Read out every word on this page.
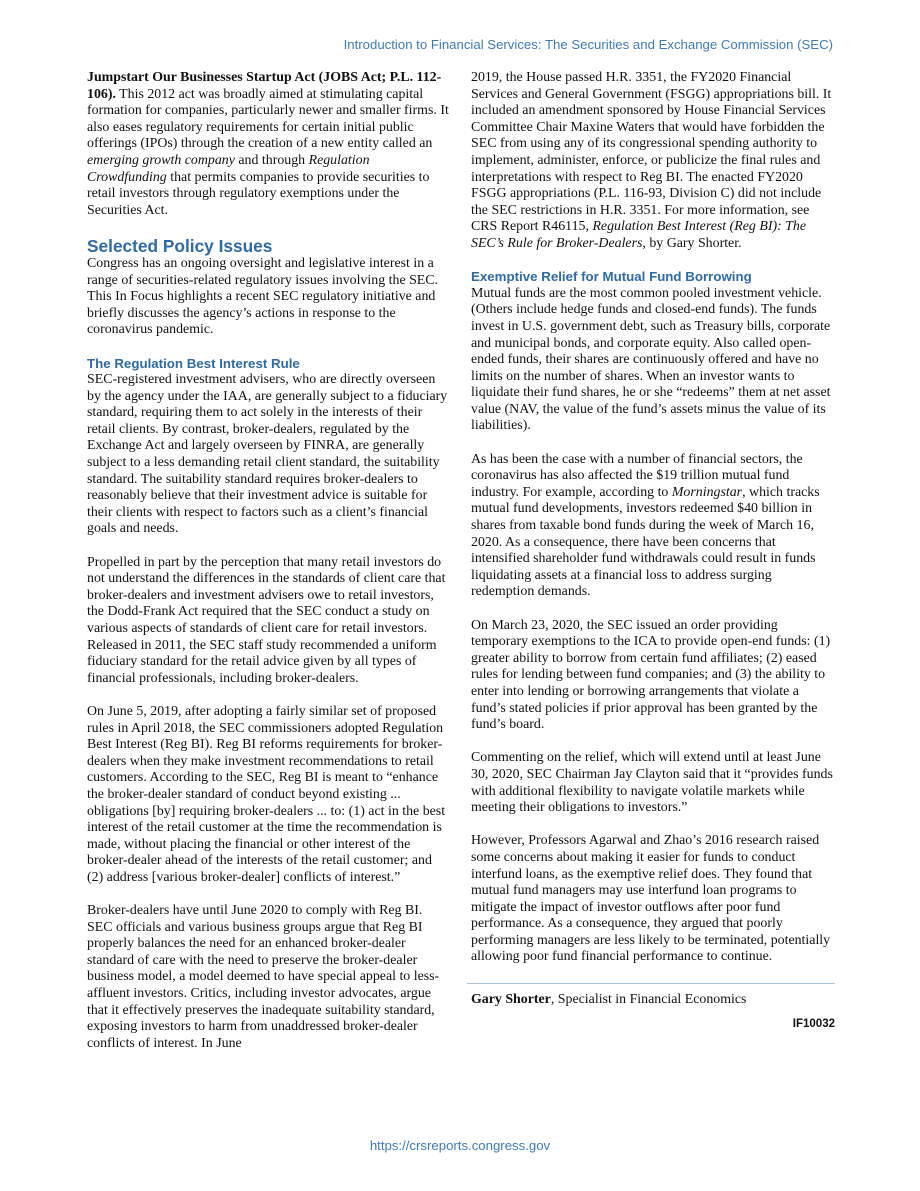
Introduction to Financial Services: The Securities and Exchange Commission (SEC)

Jumpstart Our Businesses Startup Act (JOBS Act; P.L. 112-106). This 2012 act was broadly aimed at stimulating capital formation for companies, particularly newer and smaller firms. It also eases regulatory requirements for certain initial public offerings (IPOs) through the creation of a new entity called an emerging growth company and through Regulation Crowdfunding that permits companies to provide securities to retail investors through regulatory exemptions under the Securities Act.

Selected Policy Issues

Congress has an ongoing oversight and legislative interest in a range of securities-related regulatory issues involving the SEC. This In Focus highlights a recent SEC regulatory initiative and briefly discusses the agency’s actions in response to the coronavirus pandemic.

The Regulation Best Interest Rule

SEC-registered investment advisers, who are directly overseen by the agency under the IAA, are generally subject to a fiduciary standard, requiring them to act solely in the interests of their retail clients. By contrast, broker-dealers, regulated by the Exchange Act and largely overseen by FINRA, are generally subject to a less demanding retail client standard, the suitability standard. The suitability standard requires broker-dealers to reasonably believe that their investment advice is suitable for their clients with respect to factors such as a client’s financial goals and needs.

Propelled in part by the perception that many retail investors do not understand the differences in the standards of client care that broker-dealers and investment advisers owe to retail investors, the Dodd-Frank Act required that the SEC conduct a study on various aspects of standards of client care for retail investors. Released in 2011, the SEC staff study recommended a uniform fiduciary standard for the retail advice given by all types of financial professionals, including broker-dealers.

On June 5, 2019, after adopting a fairly similar set of proposed rules in April 2018, the SEC commissioners adopted Regulation Best Interest (Reg BI). Reg BI reforms requirements for broker-dealers when they make investment recommendations to retail customers. According to the SEC, Reg BI is meant to “enhance the broker-dealer standard of conduct beyond existing ... obligations [by] requiring broker-dealers ... to: (1) act in the best interest of the retail customer at the time the recommendation is made, without placing the financial or other interest of the broker-dealer ahead of the interests of the retail customer; and (2) address [various broker-dealer] conflicts of interest.”

Broker-dealers have until June 2020 to comply with Reg BI. SEC officials and various business groups argue that Reg BI properly balances the need for an enhanced broker-dealer standard of care with the need to preserve the broker-dealer business model, a model deemed to have special appeal to less-affluent investors. Critics, including investor advocates, argue that it effectively preserves the inadequate suitability standard, exposing investors to harm from unaddressed broker-dealer conflicts of interest. In June

2019, the House passed H.R. 3351, the FY2020 Financial Services and General Government (FSGG) appropriations bill. It included an amendment sponsored by House Financial Services Committee Chair Maxine Waters that would have forbidden the SEC from using any of its congressional spending authority to implement, administer, enforce, or publicize the final rules and interpretations with respect to Reg BI. The enacted FY2020 FSGG appropriations (P.L. 116-93, Division C) did not include the SEC restrictions in H.R. 3351. For more information, see CRS Report R46115, Regulation Best Interest (Reg BI): The SEC’s Rule for Broker-Dealers, by Gary Shorter.

Exemptive Relief for Mutual Fund Borrowing

Mutual funds are the most common pooled investment vehicle. (Others include hedge funds and closed-end funds). The funds invest in U.S. government debt, such as Treasury bills, corporate and municipal bonds, and corporate equity. Also called open-ended funds, their shares are continuously offered and have no limits on the number of shares. When an investor wants to liquidate their fund shares, he or she “redeems” them at net asset value (NAV, the value of the fund’s assets minus the value of its liabilities).

As has been the case with a number of financial sectors, the coronavirus has also affected the $19 trillion mutual fund industry. For example, according to Morningstar, which tracks mutual fund developments, investors redeemed $40 billion in shares from taxable bond funds during the week of March 16, 2020. As a consequence, there have been concerns that intensified shareholder fund withdrawals could result in funds liquidating assets at a financial loss to address surging redemption demands.

On March 23, 2020, the SEC issued an order providing temporary exemptions to the ICA to provide open-end funds: (1) greater ability to borrow from certain fund affiliates; (2) eased rules for lending between fund companies; and (3) the ability to enter into lending or borrowing arrangements that violate a fund’s stated policies if prior approval has been granted by the fund’s board.

Commenting on the relief, which will extend until at least June 30, 2020, SEC Chairman Jay Clayton said that it “provides funds with additional flexibility to navigate volatile markets while meeting their obligations to investors.”

However, Professors Agarwal and Zhao’s 2016 research raised some concerns about making it easier for funds to conduct interfund loans, as the exemptive relief does. They found that mutual fund managers may use interfund loan programs to mitigate the impact of investor outflows after poor fund performance. As a consequence, they argued that poorly performing managers are less likely to be terminated, potentially allowing poor fund financial performance to continue.

Gary Shorter, Specialist in Financial Economics
IF10032
https://crsreports.congress.gov
